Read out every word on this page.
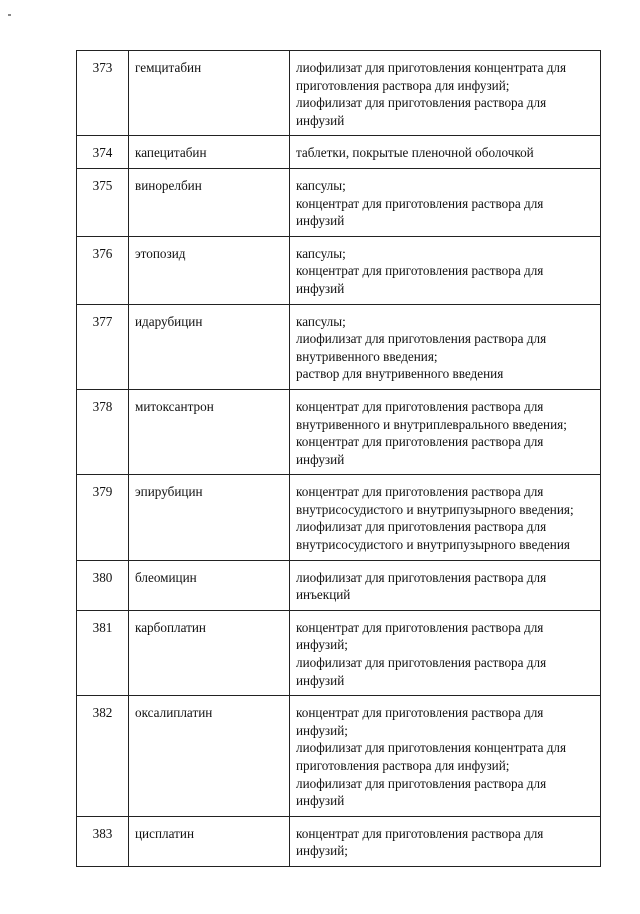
373	гемцитабин	лиофилизат для приготовления концентрата для приготовления раствора для инфузий;
лиофилизат для приготовления раствора для инфузий

374	капецитабин	таблетки, покрытые пленочной оболочкой

375	винорелбин	капсулы;
концентрат для приготовления раствора для инфузий

376	этопозид	капсулы;
концентрат для приготовления раствора для инфузий

377	идарубицин	капсулы;
лиофилизат для приготовления раствора для внутривенного введения;
раствор для внутривенного введения

378	митоксантрон	концентрат для приготовления раствора для внутривенного и внутриплеврального введения;
концентрат для приготовления раствора для инфузий

379	эпирубицин	концентрат для приготовления раствора для внутрисосудистого и внутрипузырного введения;
лиофилизат для приготовления раствора для внутрисосудистого и внутрипузырного введения

380	блеомицин	лиофилизат для приготовления раствора для инъекций

381	карбоплатин	концентрат для приготовления раствора для инфузий;
лиофилизат для приготовления раствора для инфузий

382	оксалиплатин	концентрат для приготовления раствора для инфузий;
лиофилизат для приготовления концентрата для приготовления раствора для инфузий;
лиофилизат для приготовления раствора для инфузий

383	цисплатин	концентрат для приготовления раствора для инфузий;
